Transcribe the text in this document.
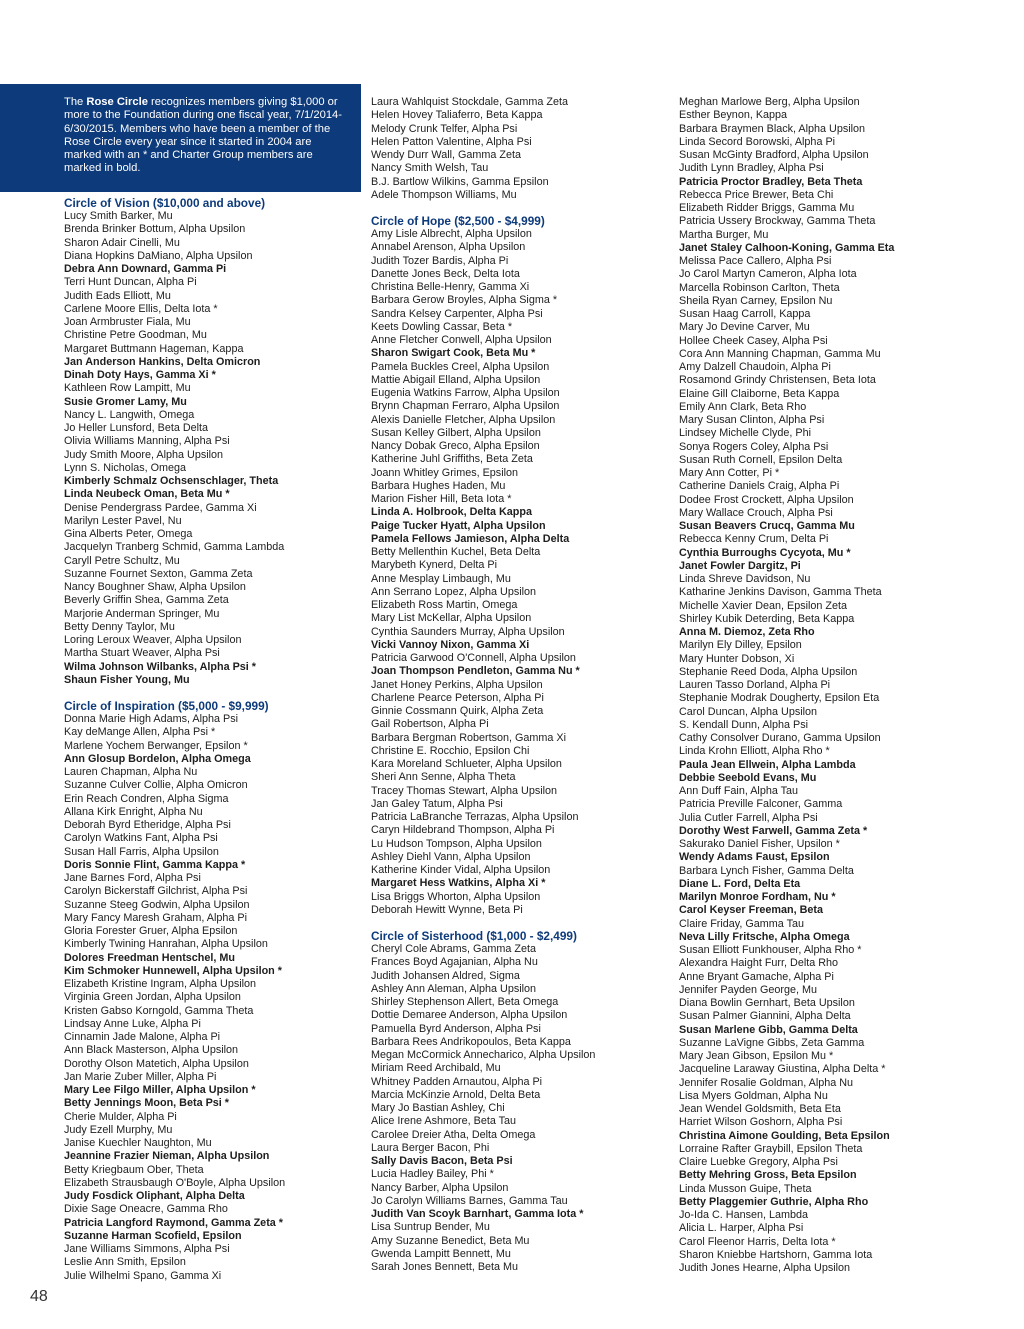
The Rose Circle recognizes members giving $1,000 or more to the Foundation during one fiscal year, 7/1/2014-6/30/2015. Members who have been a member of the Rose Circle every year since it started in 2004 are marked with an * and Charter Group members are marked in bold.
Circle of Vision ($10,000 and above)
Lucy Smith Barker, Mu
Brenda Brinker Bottum, Alpha Upsilon
Sharon Adair Cinelli, Mu
Diana Hopkins DaMiano, Alpha Upsilon
Debra Ann Downard, Gamma Pi
Terri Hunt Duncan, Alpha Pi
Judith Eads Elliott, Mu
Carlene Moore Ellis, Delta Iota *
Joan Armbruster Fiala, Mu
Christine Petre Goodman, Mu
Margaret Buttmann Hageman, Kappa
Jan Anderson Hankins, Delta Omicron
Dinah Doty Hays, Gamma Xi *
Kathleen Row Lampitt, Mu
Susie Gromer Lamy, Mu
Nancy L. Langwith, Omega
Jo Heller Lunsford, Beta Delta
Olivia Williams Manning, Alpha Psi
Judy Smith Moore, Alpha Upsilon
Lynn S. Nicholas, Omega
Kimberly Schmalz Ochsenschlager, Theta
Linda Neubeck Oman, Beta Mu *
Denise Pendergrass Pardee, Gamma Xi
Marilyn Lester Pavel, Nu
Gina Alberts Peter, Omega
Jacquelyn Tranberg Schmid, Gamma Lambda
Caryll Petre Schultz, Mu
Suzanne Fournet Sexton, Gamma Zeta
Nancy Boughner Shaw, Alpha Upsilon
Beverly Griffin Shea, Gamma Zeta
Marjorie Anderman Springer, Mu
Betty Denny Taylor, Mu
Loring Leroux Weaver, Alpha Upsilon
Martha Stuart Weaver, Alpha Psi
Wilma Johnson Wilbanks, Alpha Psi *
Shaun Fisher Young, Mu
Circle of Inspiration ($5,000 - $9,999)
Donna Marie High Adams, Alpha Psi
Kay deMange Allen, Alpha Psi *
Marlene Yochem Berwanger, Epsilon *
Ann Glosup Bordelon, Alpha Omega
Lauren Chapman, Alpha Nu
Suzanne Culver Collie, Alpha Omicron
Erin Reach Condren, Alpha Sigma
Allana Kirk Enright, Alpha Nu
Deborah Byrd Etheridge, Alpha Psi
Carolyn Watkins Fant, Alpha Psi
Susan Hall Farris, Alpha Upsilon
Doris Sonnie Flint, Gamma Kappa *
Jane Barnes Ford, Alpha Psi
Carolyn Bickerstaff Gilchrist, Alpha Psi
Suzanne Steeg Godwin, Alpha Upsilon
Mary Fancy Maresh Graham, Alpha Pi
Gloria Forester Gruer, Alpha Epsilon
Kimberly Twining Hanrahan, Alpha Upsilon
Dolores Freedman Hentschel, Mu
Kim Schmoker Hunnewell, Alpha Upsilon *
Elizabeth Kristine Ingram, Alpha Upsilon
Virginia Green Jordan, Alpha Upsilon
Kristen Gabso Korngold, Gamma Theta
Lindsay Anne Luke, Alpha Pi
Cinnamin Jade Malone, Alpha Pi
Ann Black Masterson, Alpha Upsilon
Dorothy Olson Matetich, Alpha Upsilon
Jan Marie Zuber Miller, Alpha Pi
Mary Lee Filgo Miller, Alpha Upsilon *
Betty Jennings Moon, Beta Psi *
Cherie Mulder, Alpha Pi
Judy Ezell Murphy, Mu
Janise Kuechler Naughton, Mu
Jeannine Frazier Nieman, Alpha Upsilon
Betty Kriegbaum Ober, Theta
Elizabeth Strausbaugh O'Boyle, Alpha Upsilon
Judy Fosdick Oliphant, Alpha Delta
Dixie Sage Oneacre, Gamma Rho
Patricia Langford Raymond, Gamma Zeta *
Suzanne Harman Scofield, Epsilon
Jane Williams Simmons, Alpha Psi
Leslie Ann Smith, Epsilon
Julie Wilhelmi Spano, Gamma Xi
Laura Wahlquist Stockdale, Gamma Zeta
Helen Hovey Taliaferro, Beta Kappa
Melody Crunk Telfer, Alpha Psi
Helen Patton Valentine, Alpha Psi
Wendy Durr Wall, Gamma Zeta
Nancy Smith Welsh, Tau
B.J. Bartlow Wilkins, Gamma Epsilon
Adele Thompson Williams, Mu
Circle of Hope ($2,500 - $4,999)
Amy Lisle Albrecht, Alpha Upsilon
Annabel Arenson, Alpha Upsilon
Judith Tozer Bardis, Alpha Pi
Danette Jones Beck, Delta Iota
Christina Belle-Henry, Gamma Xi
Barbara Gerow Broyles, Alpha Sigma *
Sandra Kelsey Carpenter, Alpha Psi
Keets Dowling Cassar, Beta *
Anne Fletcher Conwell, Alpha Upsilon
Sharon Swigart Cook, Beta Mu *
Pamela Buckles Creel, Alpha Upsilon
Mattie Abigail Elland, Alpha Upsilon
Eugenia Watkins Farrow, Alpha Upsilon
Brynn Chapman Ferraro, Alpha Upsilon
Alexis Danielle Fletcher, Alpha Upsilon
Susan Kelley Gilbert, Alpha Upsilon
Nancy Dobak Greco, Alpha Epsilon
Katherine Juhl Griffiths, Beta Zeta
Joann Whitley Grimes, Epsilon
Barbara Hughes Haden, Mu
Marion Fisher Hill, Beta Iota *
Linda A. Holbrook, Delta Kappa
Paige Tucker Hyatt, Alpha Upsilon
Pamela Fellows Jamieson, Alpha Delta
Betty Mellenthin Kuchel, Beta Delta
Marybeth Kynerd, Delta Pi
Anne Mesplay Limbaugh, Mu
Ann Serrano Lopez, Alpha Upsilon
Elizabeth Ross Martin, Omega
Mary List McKellar, Alpha Upsilon
Cynthia Saunders Murray, Alpha Upsilon
Vicki Vannoy Nixon, Gamma Xi
Patricia Garwood O'Connell, Alpha Upsilon
Joan Thompson Pendleton, Gamma Nu *
Janet Honey Perkins, Alpha Upsilon
Charlene Pearce Peterson, Alpha Pi
Ginnie Cossmann Quirk, Alpha Zeta
Gail Robertson, Alpha Pi
Barbara Bergman Robertson, Gamma Xi
Christine E. Rocchio, Epsilon Chi
Kara Moreland Schlueter, Alpha Upsilon
Sheri Ann Senne, Alpha Theta
Tracey Thomas Stewart, Alpha Upsilon
Jan Galey Tatum, Alpha Psi
Patricia LaBranche Terrazas, Alpha Upsilon
Caryn Hildebrand Thompson, Alpha Pi
Lu Hudson Tompson, Alpha Upsilon
Ashley Diehl Vann, Alpha Upsilon
Katherine Kinder Vidal, Alpha Upsilon
Margaret Hess Watkins, Alpha Xi *
Lisa Briggs Whorton, Alpha Upsilon
Deborah Hewitt Wynne, Beta Pi
Circle of Sisterhood ($1,000 - $2,499)
Cheryl Cole Abrams, Gamma Zeta
Frances Boyd Agajanian, Alpha Nu
Judith Johansen Aldred, Sigma
Ashley Ann Aleman, Alpha Upsilon
Shirley Stephenson Allert, Beta Omega
Dottie Demaree Anderson, Alpha Upsilon
Pamuella Byrd Anderson, Alpha Psi
Barbara Rees Andrikopoulos, Beta Kappa
Megan McCormick Annecharico, Alpha Upsilon
Miriam Reed Archibald, Mu
Whitney Padden Arnautou, Alpha Pi
Marcia McKinzie Arnold, Delta Beta
Mary Jo Bastian Ashley, Chi
Alice Irene Ashmore, Beta Tau
Carolee Dreier Atha, Delta Omega
Laura Berger Bacon, Phi
Sally Davis Bacon, Beta Psi
Lucia Hadley Bailey, Phi *
Nancy Barber, Alpha Upsilon
Jo Carolyn Williams Barnes, Gamma Tau
Judith Van Scoyk Barnhart, Gamma Iota *
Lisa Suntrup Bender, Mu
Amy Suzanne Benedict, Beta Mu
Gwenda Lampitt Bennett, Mu
Sarah Jones Bennett, Beta Mu
Meghan Marlowe Berg, Alpha Upsilon
Esther Beynon, Kappa
Barbara Braymen Black, Alpha Upsilon
Linda Secord Borowski, Alpha Pi
Susan McGinty Bradford, Alpha Upsilon
Judith Lynn Bradley, Alpha Psi
Patricia Proctor Bradley, Beta Theta
Rebecca Price Brewer, Beta Chi
Elizabeth Ridder Briggs, Gamma Mu
Patricia Ussery Brockway, Gamma Theta
Martha Burger, Mu
Janet Staley Calhoon-Koning, Gamma Eta
Melissa Pace Callero, Alpha Psi
Jo Carol Martyn Cameron, Alpha Iota
Marcella Robinson Carlton, Theta
Sheila Ryan Carney, Epsilon Nu
Susan Haag Carroll, Kappa
Mary Jo Devine Carver, Mu
Hollee Cheek Casey, Alpha Psi
Cora Ann Manning Chapman, Gamma Mu
Amy Dalzell Chaudoin, Alpha Pi
Rosamond Grindy Christensen, Beta Iota
Elaine Gill Claiborne, Beta Kappa
Emily Ann Clark, Beta Rho
Mary Susan Clinton, Alpha Psi
Lindsey Michelle Clyde, Phi
Sonya Rogers Coley, Alpha Psi
Susan Ruth Cornell, Epsilon Delta
Mary Ann Cotter, Pi *
Catherine Daniels Craig, Alpha Pi
Dodee Frost Crockett, Alpha Upsilon
Mary Wallace Crouch, Alpha Psi
Susan Beavers Crucq, Gamma Mu
Rebecca Kenny Crum, Delta Pi
Cynthia Burroughs Cycyota, Mu *
Janet Fowler Dargitz, Pi
Linda Shreve Davidson, Nu
Katharine Jenkins Davison, Gamma Theta
Michelle Xavier Dean, Epsilon Zeta
Shirley Kubik Deterding, Beta Kappa
Anna M. Diemoz, Zeta Rho
Marilyn Ely Dilley, Epsilon
Mary Hunter Dobson, Xi
Stephanie Reed Doda, Alpha Upsilon
Lauren Tasso Dorland, Alpha Pi
Stephanie Modrak Dougherty, Epsilon Eta
Carol Duncan, Alpha Upsilon
S. Kendall Dunn, Alpha Psi
Cathy Consolver Durano, Gamma Upsilon
Linda Krohn Elliott, Alpha Rho *
Paula Jean Ellwein, Alpha Lambda
Debbie Seebold Evans, Mu
Ann Duff Fain, Alpha Tau
Patricia Preville Falconer, Gamma
Julia Cutler Farrell, Alpha Psi
Dorothy West Farwell, Gamma Zeta *
Sakurako Daniel Fisher, Upsilon *
Wendy Adams Faust, Epsilon
Barbara Lynch Fisher, Gamma Delta
Diane L. Ford, Delta Eta
Marilyn Monroe Fordham, Nu *
Carol Keyser Freeman, Beta
Claire Friday, Gamma Tau
Neva Lilly Fritsche, Alpha Omega
Susan Elliott Funkhouser, Alpha Rho *
Alexandra Haight Furr, Delta Rho
Anne Bryant Gamache, Alpha Pi
Jennifer Payden George, Mu
Diana Bowlin Gernhart, Beta Upsilon
Susan Palmer Giannini, Alpha Delta
Susan Marlene Gibb, Gamma Delta
Suzanne LaVigne Gibbs, Zeta Gamma
Mary Jean Gibson, Epsilon Mu *
Jacqueline Laraway Giustina, Alpha Delta *
Jennifer Rosalie Goldman, Alpha Nu
Lisa Myers Goldman, Alpha Nu
Jean Wendel Goldsmith, Beta Eta
Harriet Wilson Goshorn, Alpha Psi
Christina Aimone Goulding, Beta Epsilon
Lorraine Rafter Graybill, Epsilon Theta
Claire Luebke Gregory, Alpha Psi
Betty Mehring Gross, Beta Epsilon
Linda Musson Guipe, Theta
Betty Plaggemier Guthrie, Alpha Rho
Jo-Ida C. Hansen, Lambda
Alicia L. Harper, Alpha Psi
Carol Fleenor Harris, Delta Iota *
Sharon Kniebbe Hartshorn, Gamma Iota
Judith Jones Hearne, Alpha Upsilon
48
